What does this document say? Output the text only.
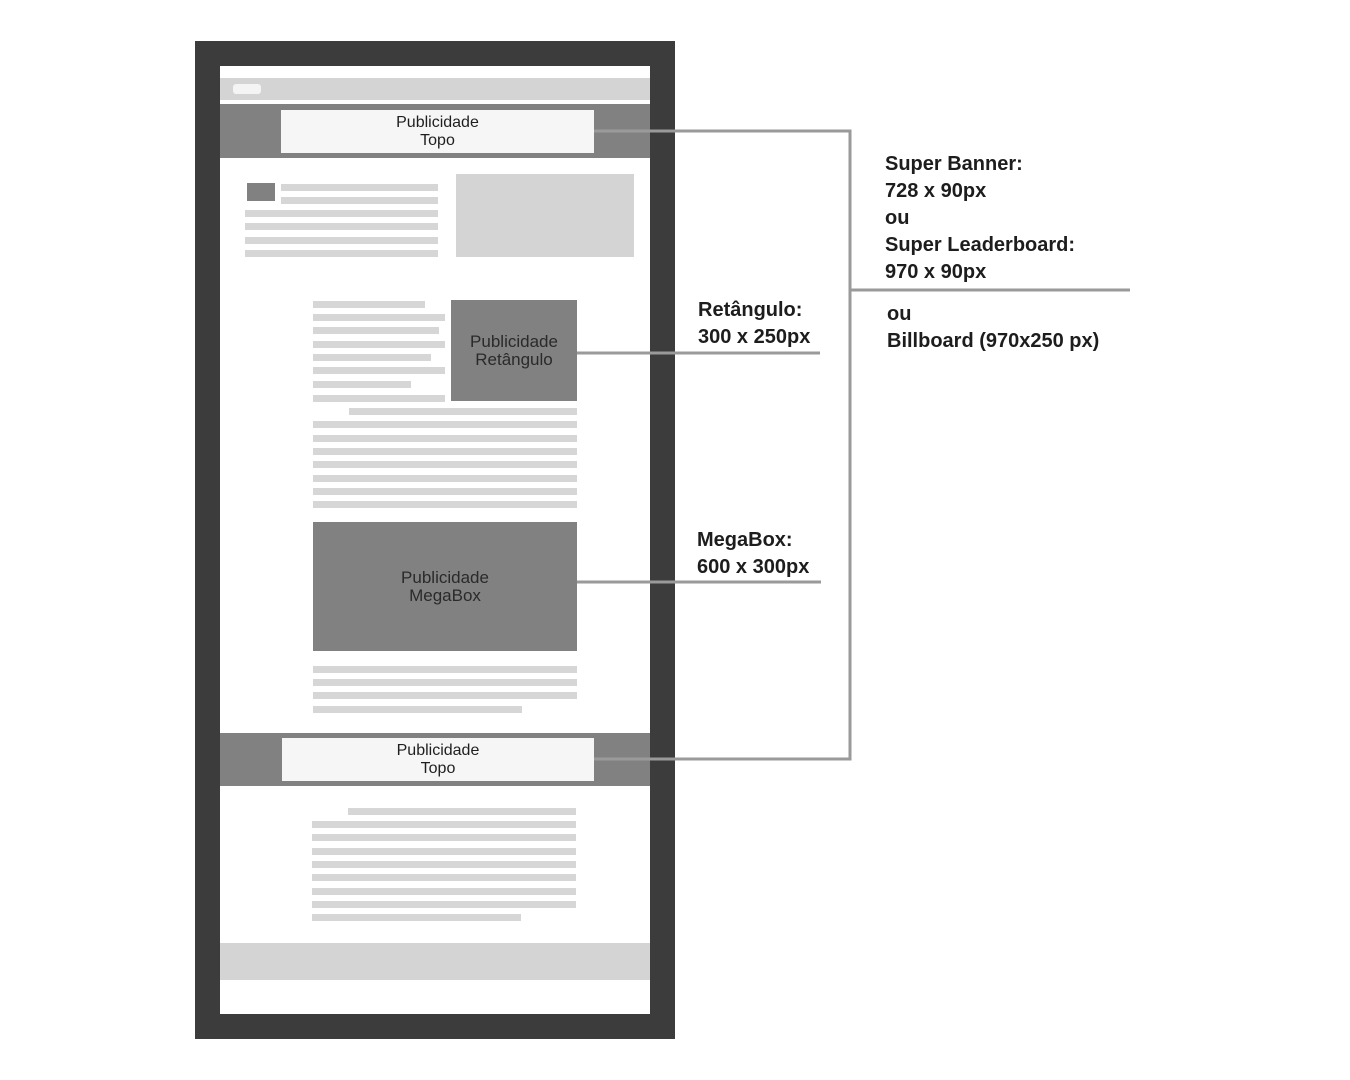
Publicidade
Topo
Publicidade
Retângulo
Publicidade
MegaBox
Publicidade
Topo
Super Banner:
728 x 90px
ou
Super Leaderboard:
970 x 90px
ou
Billboard (970x250 px)
Retângulo:
300 x 250px
MegaBox:
600 x 300px
